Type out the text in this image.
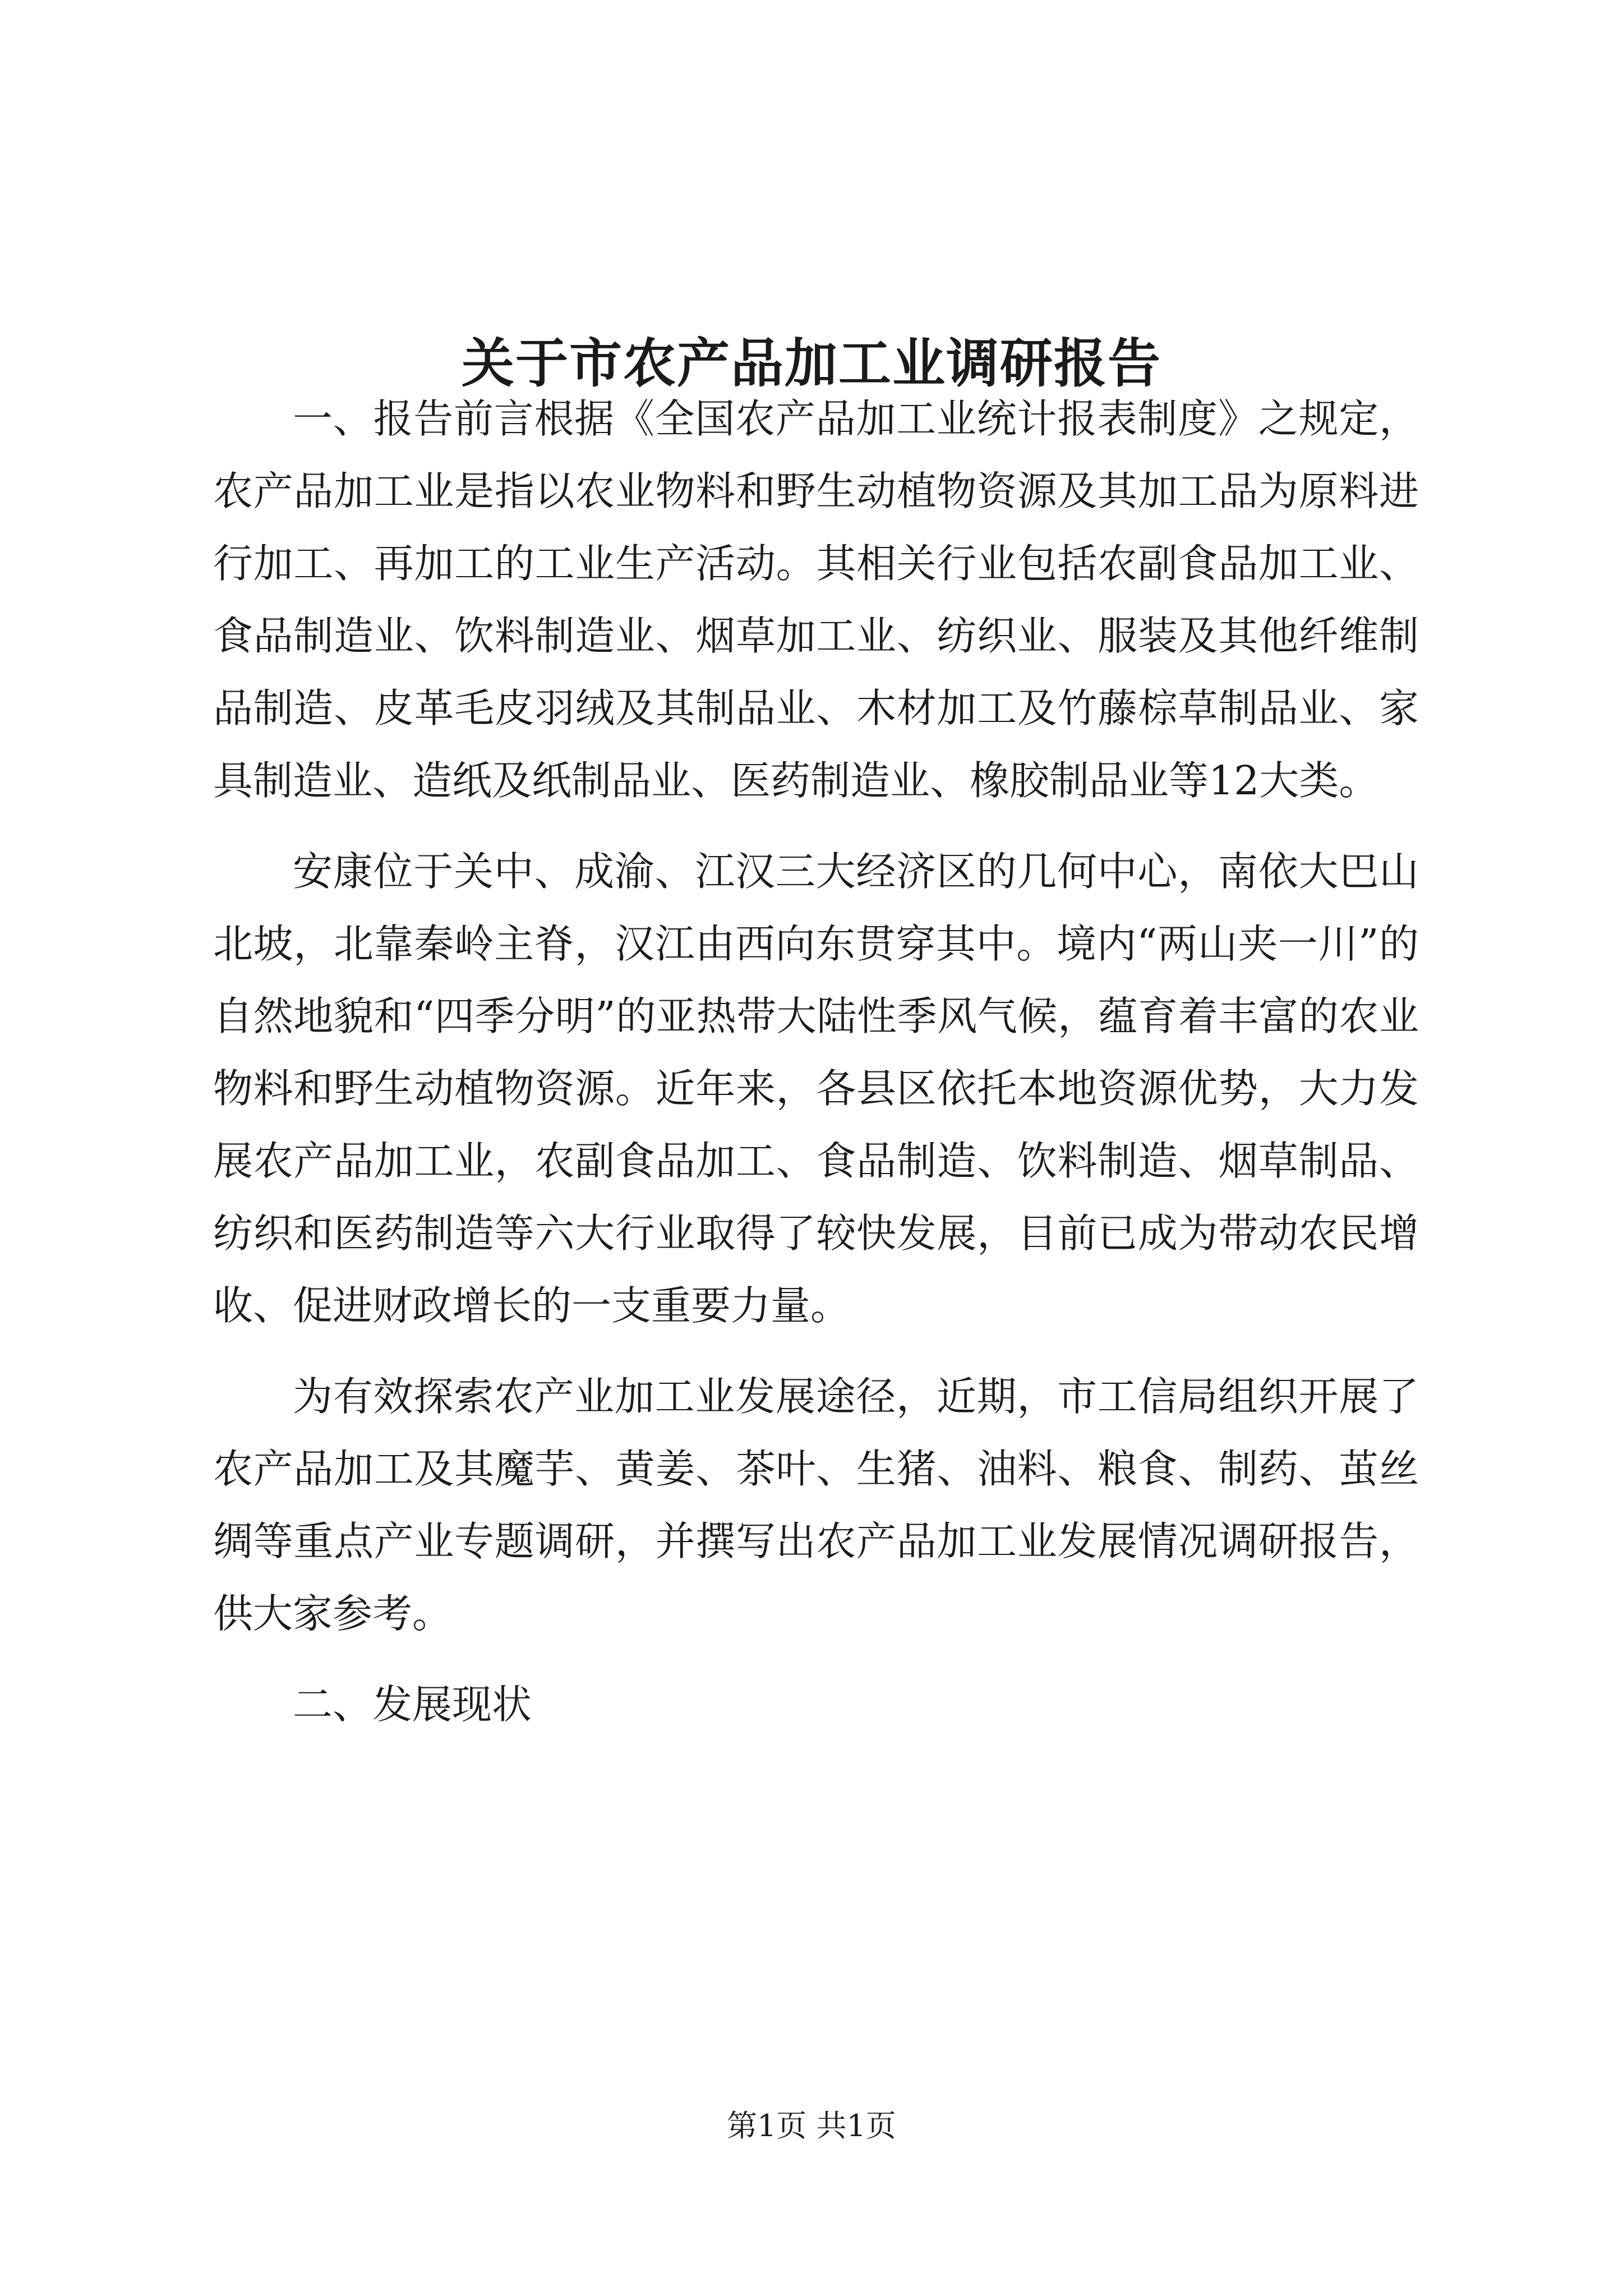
关于市农产品加工业调研报告

一、报告前言根据《全国农产品加工业统计报表制度》之规定，农产品加工业是指以农业物料和野生动植物资源及其加工品为原料进行加工、再加工的工业生产活动。其相关行业包括农副食品加工业、食品制造业、饮料制造业、烟草加工业、纺织业、服装及其他纤维制品制造、皮革毛皮羽绒及其制品业、木材加工及竹藤棕草制品业、家具制造业、造纸及纸制品业、医药制造业、橡胶制品业等12大类。

安康位于关中、成渝、江汉三大经济区的几何中心，南依大巴山北坡，北靠秦岭主脊，汉江由西向东贯穿其中。境内“两山夹一川”的自然地貌和“四季分明”的亚热带大陆性季风气候，蕴育着丰富的农业物料和野生动植物资源。近年来，各县区依托本地资源优势，大力发展农产品加工业，农副食品加工、食品制造、饮料制造、烟草制品、纺织和医药制造等六大行业取得了较快发展，目前已成为带动农民增收、促进财政增长的一支重要力量。

为有效探索农产业加工业发展途径，近期，市工信局组织开展了农产品加工及其魔芋、黄姜、茶叶、生猪、油料、粮食、制药、茧丝绸等重点产业专题调研，并撰写出农产品加工业发展情况调研报告，供大家参考。

二、发展现状

第1页 共1页
